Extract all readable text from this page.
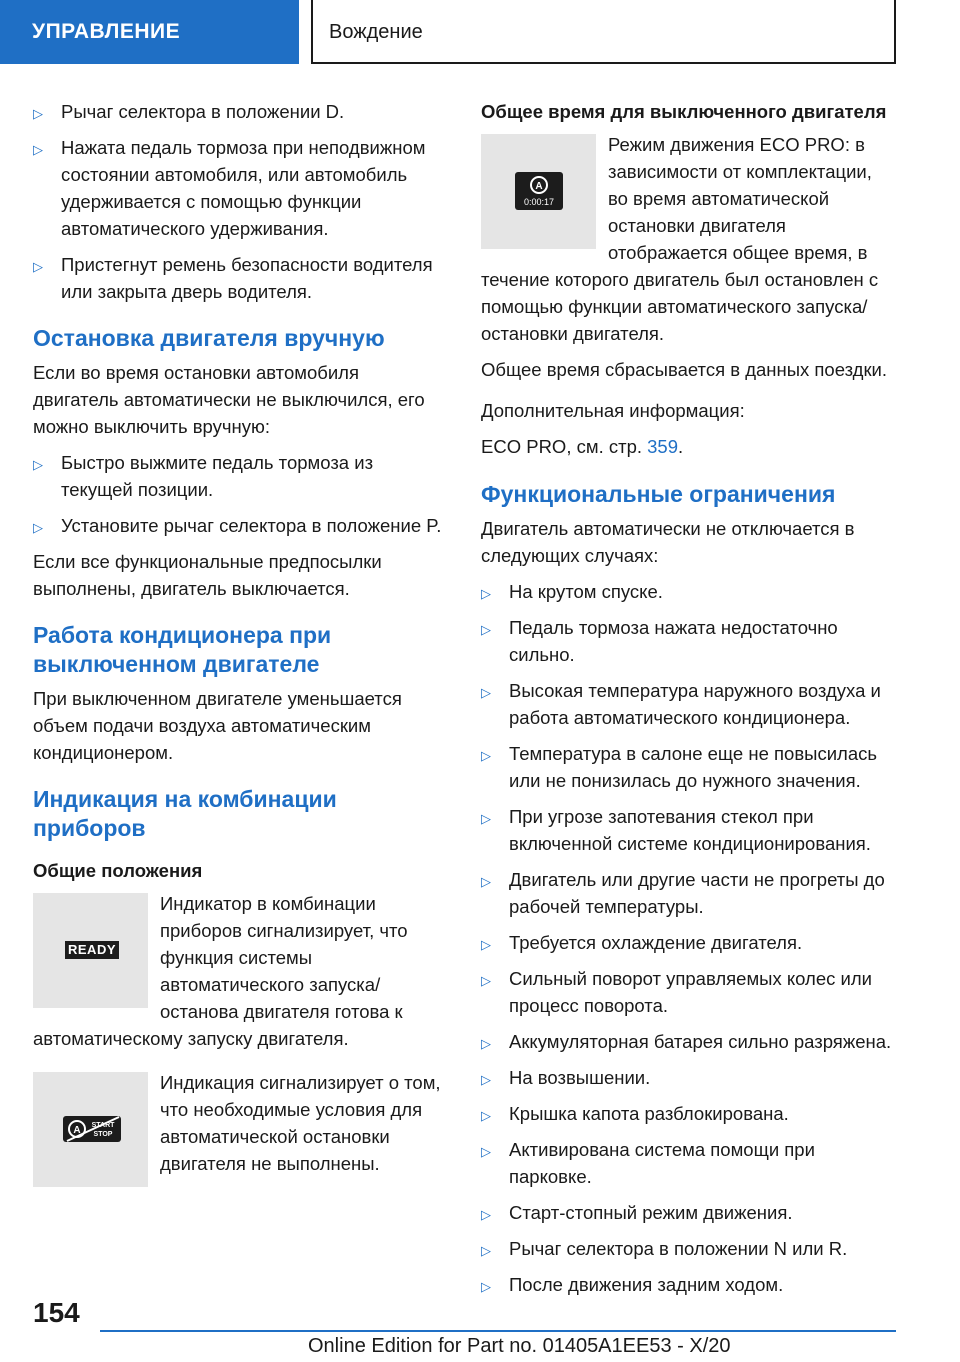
УПРАВЛЕНИЕ	Вождение
▷ Рычаг селектора в положении D.
▷ Нажата педаль тормоза при неподвижном состоянии автомобиля, или автомобиль удерживается с помощью функции автоматического удерживания.
▷ Пристегнут ремень безопасности водителя или закрыта дверь водителя.
Остановка двигателя вручную

Если во время остановки автомобиля двигатель автоматически не выключился, его можно выключить вручную:

▷ Быстро выжмите педаль тормоза из текущей позиции.
▷ Установите рычаг селектора в положение P.

Если все функциональные предпосылки выполнены, двигатель выключается.

Работа кондиционера при выключенном двигателе

При выключенном двигателе уменьшается объем подачи воздуха автоматическим кондиционером.

Индикация на комбинации приборов
Общие положения
READY

Индикатор в комбинации приборов сигнализирует, что функция системы автоматического запуска/останова двигателя готова к автоматическому запуску двигателя.

A START
STOP

Индикация сигнализирует о том, что необходимые условия для автоматической остановки двигателя не выполнены.

Общее время для выключенного двигателя
A
0:00:17

Режим движения ECO PRO: в зависимости от комплектации, во время автоматической остановки двигателя отображается общее время, в течение которого двигатель был остановлен с помощью функции автоматического запуска/остановки двигателя.

Общее время сбрасывается в данных поездки.

Дополнительная информация:

ECO PRO, см. стр. 359.

Функциональные ограничения

Двигатель автоматически не отключается в следующих случаях:

▷ На крутом спуске.
▷ Педаль тормоза нажата недостаточно сильно.
▷ Высокая температура наружного воздуха и работа автоматического кондиционера.
▷ Температура в салоне еще не повысилась или не понизилась до нужного значения.
▷ При угрозе запотевания стекол при включенной системе кондиционирования.
▷ Двигатель или другие части не прогреты до рабочей температуры.
▷ Требуется охлаждение двигателя.
▷ Сильный поворот управляемых колес или процесс поворота.
▷ Аккумуляторная батарея сильно разряжена.
▷ На возвышении.
▷ Крышка капота разблокирована.
▷ Активирована система помощи при парковке.
▷ Старт-стопный режим движения.
▷ Рычаг селектора в положении N или R.
▷ После движения задним ходом.
154
Online Edition for Part no. 01405A1EE53 - X/20
